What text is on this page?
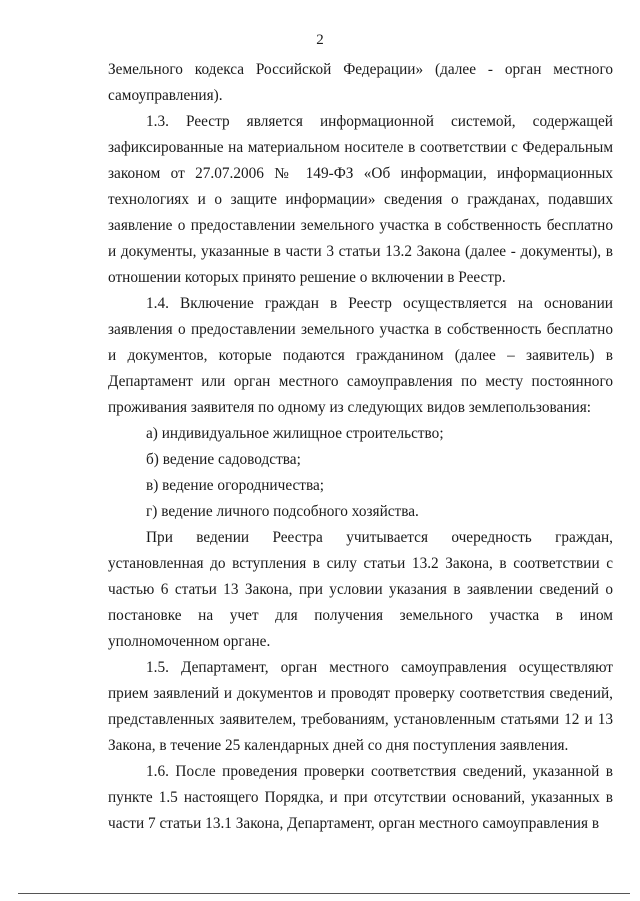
2

Земельного кодекса Российской Федерации» (далее - орган местного самоуправления).

1.3. Реестр является информационной системой, содержащей зафиксированные на материальном носителе в соответствии с Федеральным законом от 27.07.2006 № 149-ФЗ «Об информации, информационных технологиях и о защите информации» сведения о гражданах, подавших заявление о предоставлении земельного участка в собственность бесплатно и документы, указанные в части 3 статьи 13.2 Закона (далее - документы), в отношении которых принято решение о включении в Реестр.

1.4. Включение граждан в Реестр осуществляется на основании заявления о предоставлении земельного участка в собственность бесплатно и документов, которые подаются гражданином (далее – заявитель) в Департамент или орган местного самоуправления по месту постоянного проживания заявителя по одному из следующих видов землепользования:

а) индивидуальное жилищное строительство;

б) ведение садоводства;

в) ведение огородничества;

г) ведение личного подсобного хозяйства.

При ведении Реестра учитывается очередность граждан, установленная до вступления в силу статьи 13.2 Закона, в соответствии с частью 6 статьи 13 Закона, при условии указания в заявлении сведений о постановке на учет для получения земельного участка в ином уполномоченном органе.

1.5. Департамент, орган местного самоуправления осуществляют прием заявлений и документов и проводят проверку соответствия сведений, представленных заявителем, требованиям, установленным статьями 12 и 13 Закона, в течение 25 календарных дней со дня поступления заявления.

1.6. После проведения проверки соответствия сведений, указанной в пункте 1.5 настоящего Порядка, и при отсутствии оснований, указанных в части 7 статьи 13.1 Закона, Департамент, орган местного самоуправления в
